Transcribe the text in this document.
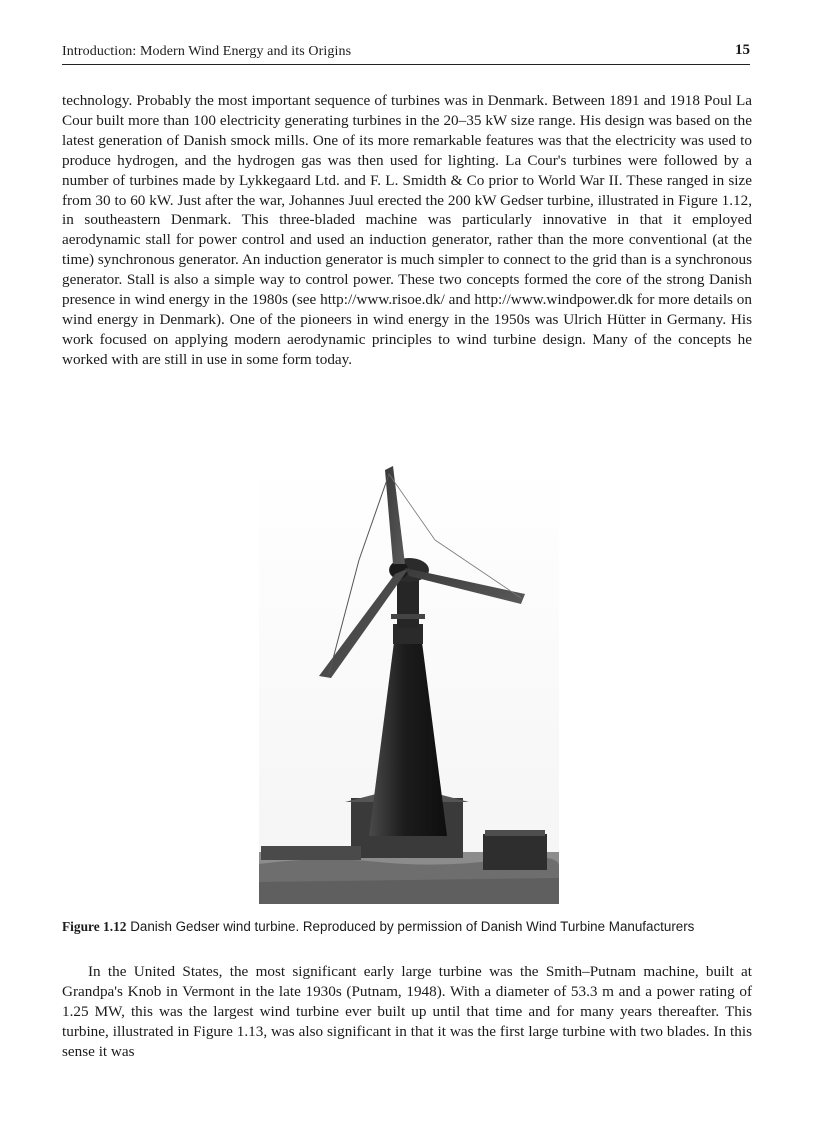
Introduction: Modern Wind Energy and its Origins	15

technology. Probably the most important sequence of turbines was in Denmark. Between 1891 and 1918 Poul La Cour built more than 100 electricity generating turbines in the 20–35 kW size range. His design was based on the latest generation of Danish smock mills. One of its more remarkable features was that the electricity was used to produce hydrogen, and the hydrogen gas was then used for lighting. La Cour's turbines were followed by a number of turbines made by Lykkegaard Ltd. and F. L. Smidth & Co prior to World War II. These ranged in size from 30 to 60 kW. Just after the war, Johannes Juul erected the 200 kW Gedser turbine, illustrated in Figure 1.12, in southeastern Denmark. This three-bladed machine was particularly innovative in that it employed aerodynamic stall for power control and used an induction generator, rather than the more conventional (at the time) synchronous generator. An induction generator is much simpler to connect to the grid than is a synchronous generator. Stall is also a simple way to control power. These two concepts formed the core of the strong Danish presence in wind energy in the 1980s (see http://www.risoe.dk/ and http://www.windpower.dk for more details on wind energy in Denmark). One of the pioneers in wind energy in the 1950s was Ulrich Hütter in Germany. His work focused on applying modern aerodynamic principles to wind turbine design. Many of the concepts he worked with are still in use in some form today.

Figure 1.12 Danish Gedser wind turbine. Reproduced by permission of Danish Wind Turbine Manufacturers

In the United States, the most significant early large turbine was the Smith–Putnam machine, built at Grandpa's Knob in Vermont in the late 1930s (Putnam, 1948). With a diameter of 53.3 m and a power rating of 1.25 MW, this was the largest wind turbine ever built up until that time and for many years thereafter. This turbine, illustrated in Figure 1.13, was also significant in that it was the first large turbine with two blades. In this sense it was
